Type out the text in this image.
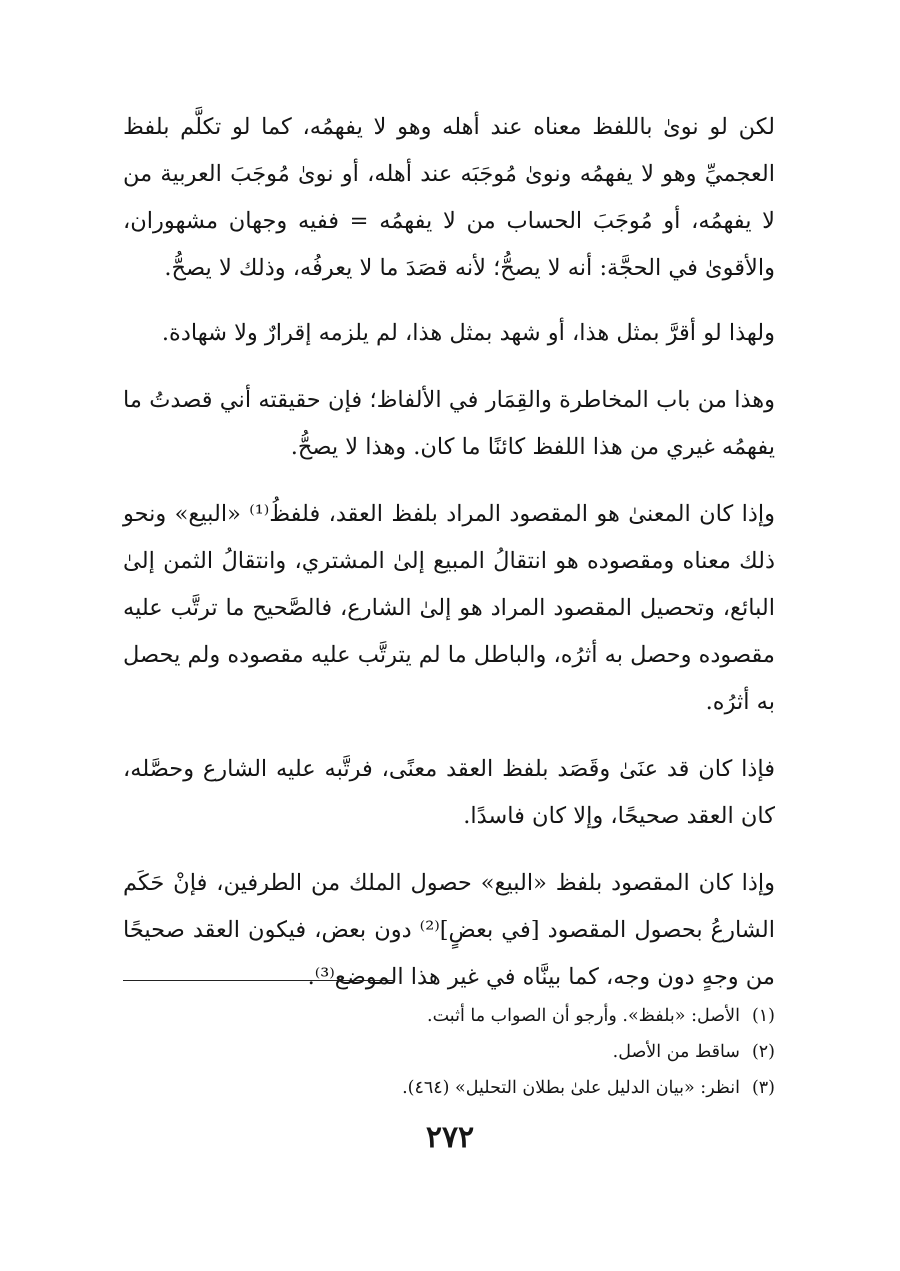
لكن لو نوىٰ باللفظ معناه عند أهله وهو لا يفهمُه، كما لو تكلَّم بلفظ العجميِّ وهو لا يفهمُه ونوىٰ مُوجَبَه عند أهله، أو نوىٰ مُوجَبَ العربية من لا يفهمُه، أو مُوجَبَ الحساب من لا يفهمُه = ففيه وجهان مشهوران، والأقوىٰ في الحجَّة: أنه لا يصحُّ؛ لأنه قصَدَ ما لا يعرفُه، وذلك لا يصحُّ.

ولهذا لو أقرَّ بمثل هذا، أو شهد بمثل هذا، لم يلزمه إقرارٌ ولا شهادة.

وهذا من باب المخاطرة والقِمَار في الألفاظ؛ فإن حقيقته أني قصدتُ ما يفهمُه غيري من هذا اللفظ كائنًا ما كان. وهذا لا يصحُّ.

وإذا كان المعنىٰ هو المقصود المراد بلفظ العقد، فلفظُ⁽¹⁾ «البيع» ونحو ذلك معناه ومقصوده هو انتقالُ المبيع إلىٰ المشتري، وانتقالُ الثمن إلىٰ البائع، وتحصيل المقصود المراد هو إلىٰ الشارع، فالصَّحيح ما ترتَّب عليه مقصوده وحصل به أثرُه، والباطل ما لم يترتَّب عليه مقصوده ولم يحصل به أثرُه.

فإذا كان قد عنَىٰ وقَصَد بلفظ العقد معنًى، فرتَّبه عليه الشارع وحصَّله، كان العقد صحيحًا، وإلا كان فاسدًا.

وإذا كان المقصود بلفظ «البيع» حصول الملك من الطرفين، فإنْ حَكَم الشارعُ بحصول المقصود [في بعضٍ]⁽²⁾ دون بعض، فيكون العقد صحيحًا من وجهٍ دون وجه، كما بينَّاه في غير هذا الموضع⁽³⁾.

(١)
الأصل: «بلفظ». وأرجو أن الصواب ما أثبت.
(٢)
ساقط من الأصل.
(٣)
انظر: «بيان الدليل علىٰ بطلان التحليل» (٤٦٤).
٢٧٢
